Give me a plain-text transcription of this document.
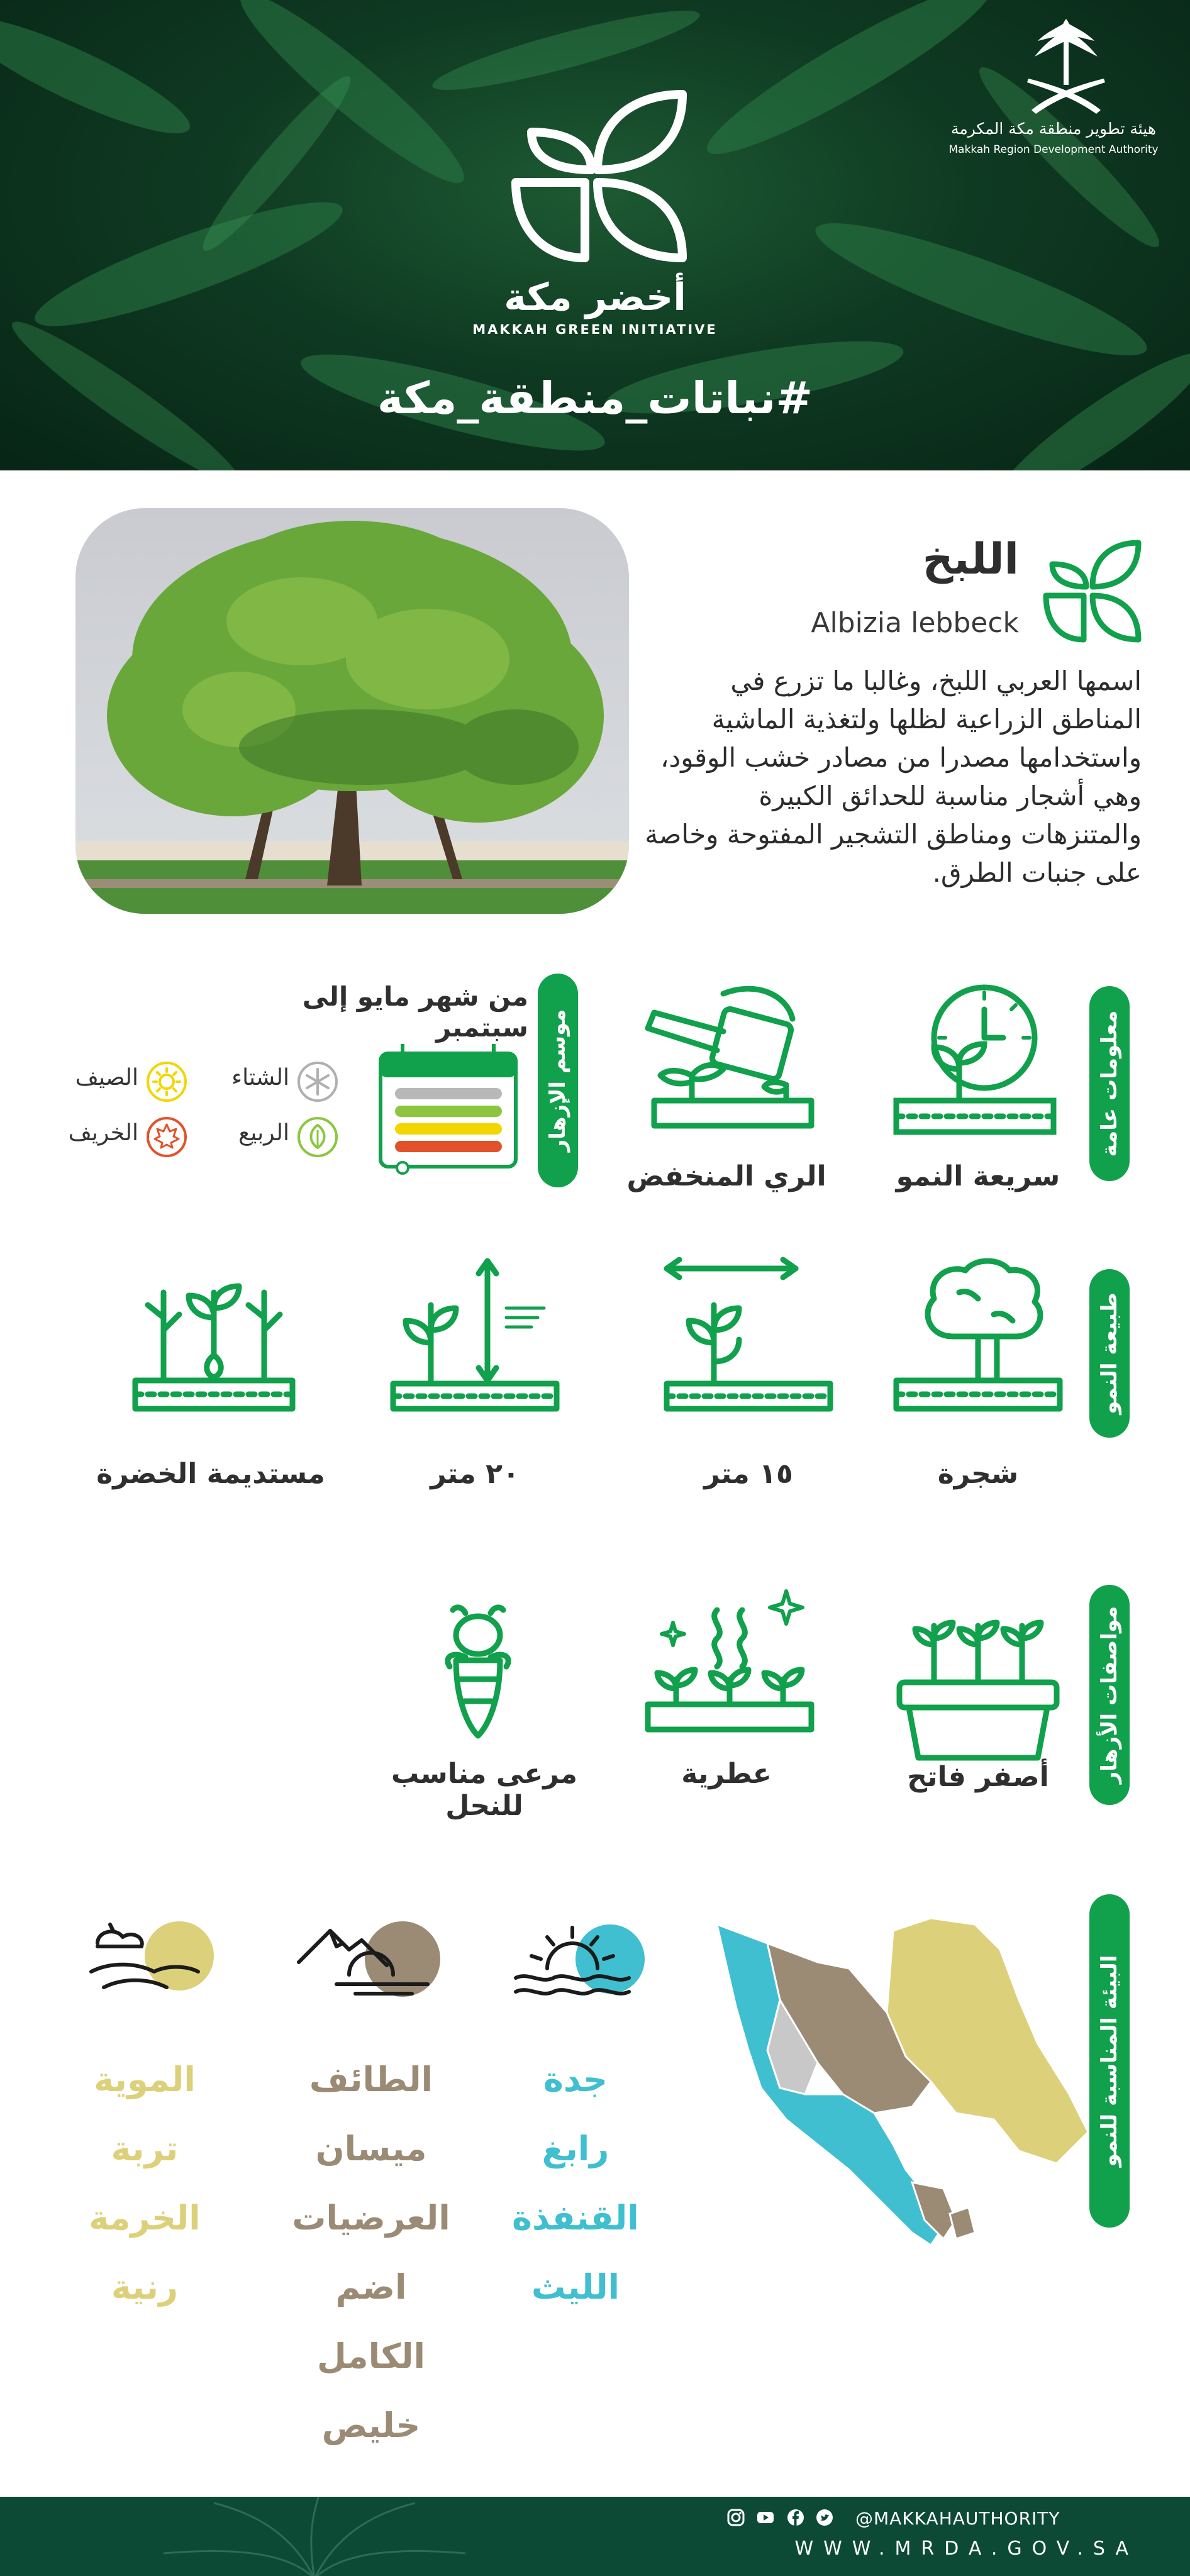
أخضر مكة
MAKKAH GREEN INITIATIVE
#نباتات_منطقة_مكة
هيئة تطوير منطقة مكة المكرمة
Makkah Region Development Authority
اللبخ
Albizia lebbeck
اسمها العربي اللبخ، وغالبا ما تزرع في المناطق الزراعية لظلها ولتغذية الماشية واستخدامها مصدرا من مصادر خشب الوقود، وهي أشجار مناسبة للحدائق الكبيرة والمتنزهات ومناطق التشجير المفتوحة وخاصة على جنبات الطرق.
معلومات عامة
سريعة النمو
الري المنخفض
موسم الإزهار
من شهر مايو إلى سبتمبر
الشتاء
الصيف
الربيع
الخريف
طبيعة النمو
شجرة
١٥ متر
٢٠ متر
مستديمة الخضرة
مواصفات الأزهار
أصفر فاتح
عطرية
مرعى مناسب للنحل
البيئة المناسبة للنمو
جدة
رابغ
القنفذة
الليث
الطائف
ميسان
العرضيات
اضم
الكامل
خليص
الموية
تربة
الخرمة
رنية
@MAKKAHAUTHORITY
WWW.MRDA.GOV.SA
